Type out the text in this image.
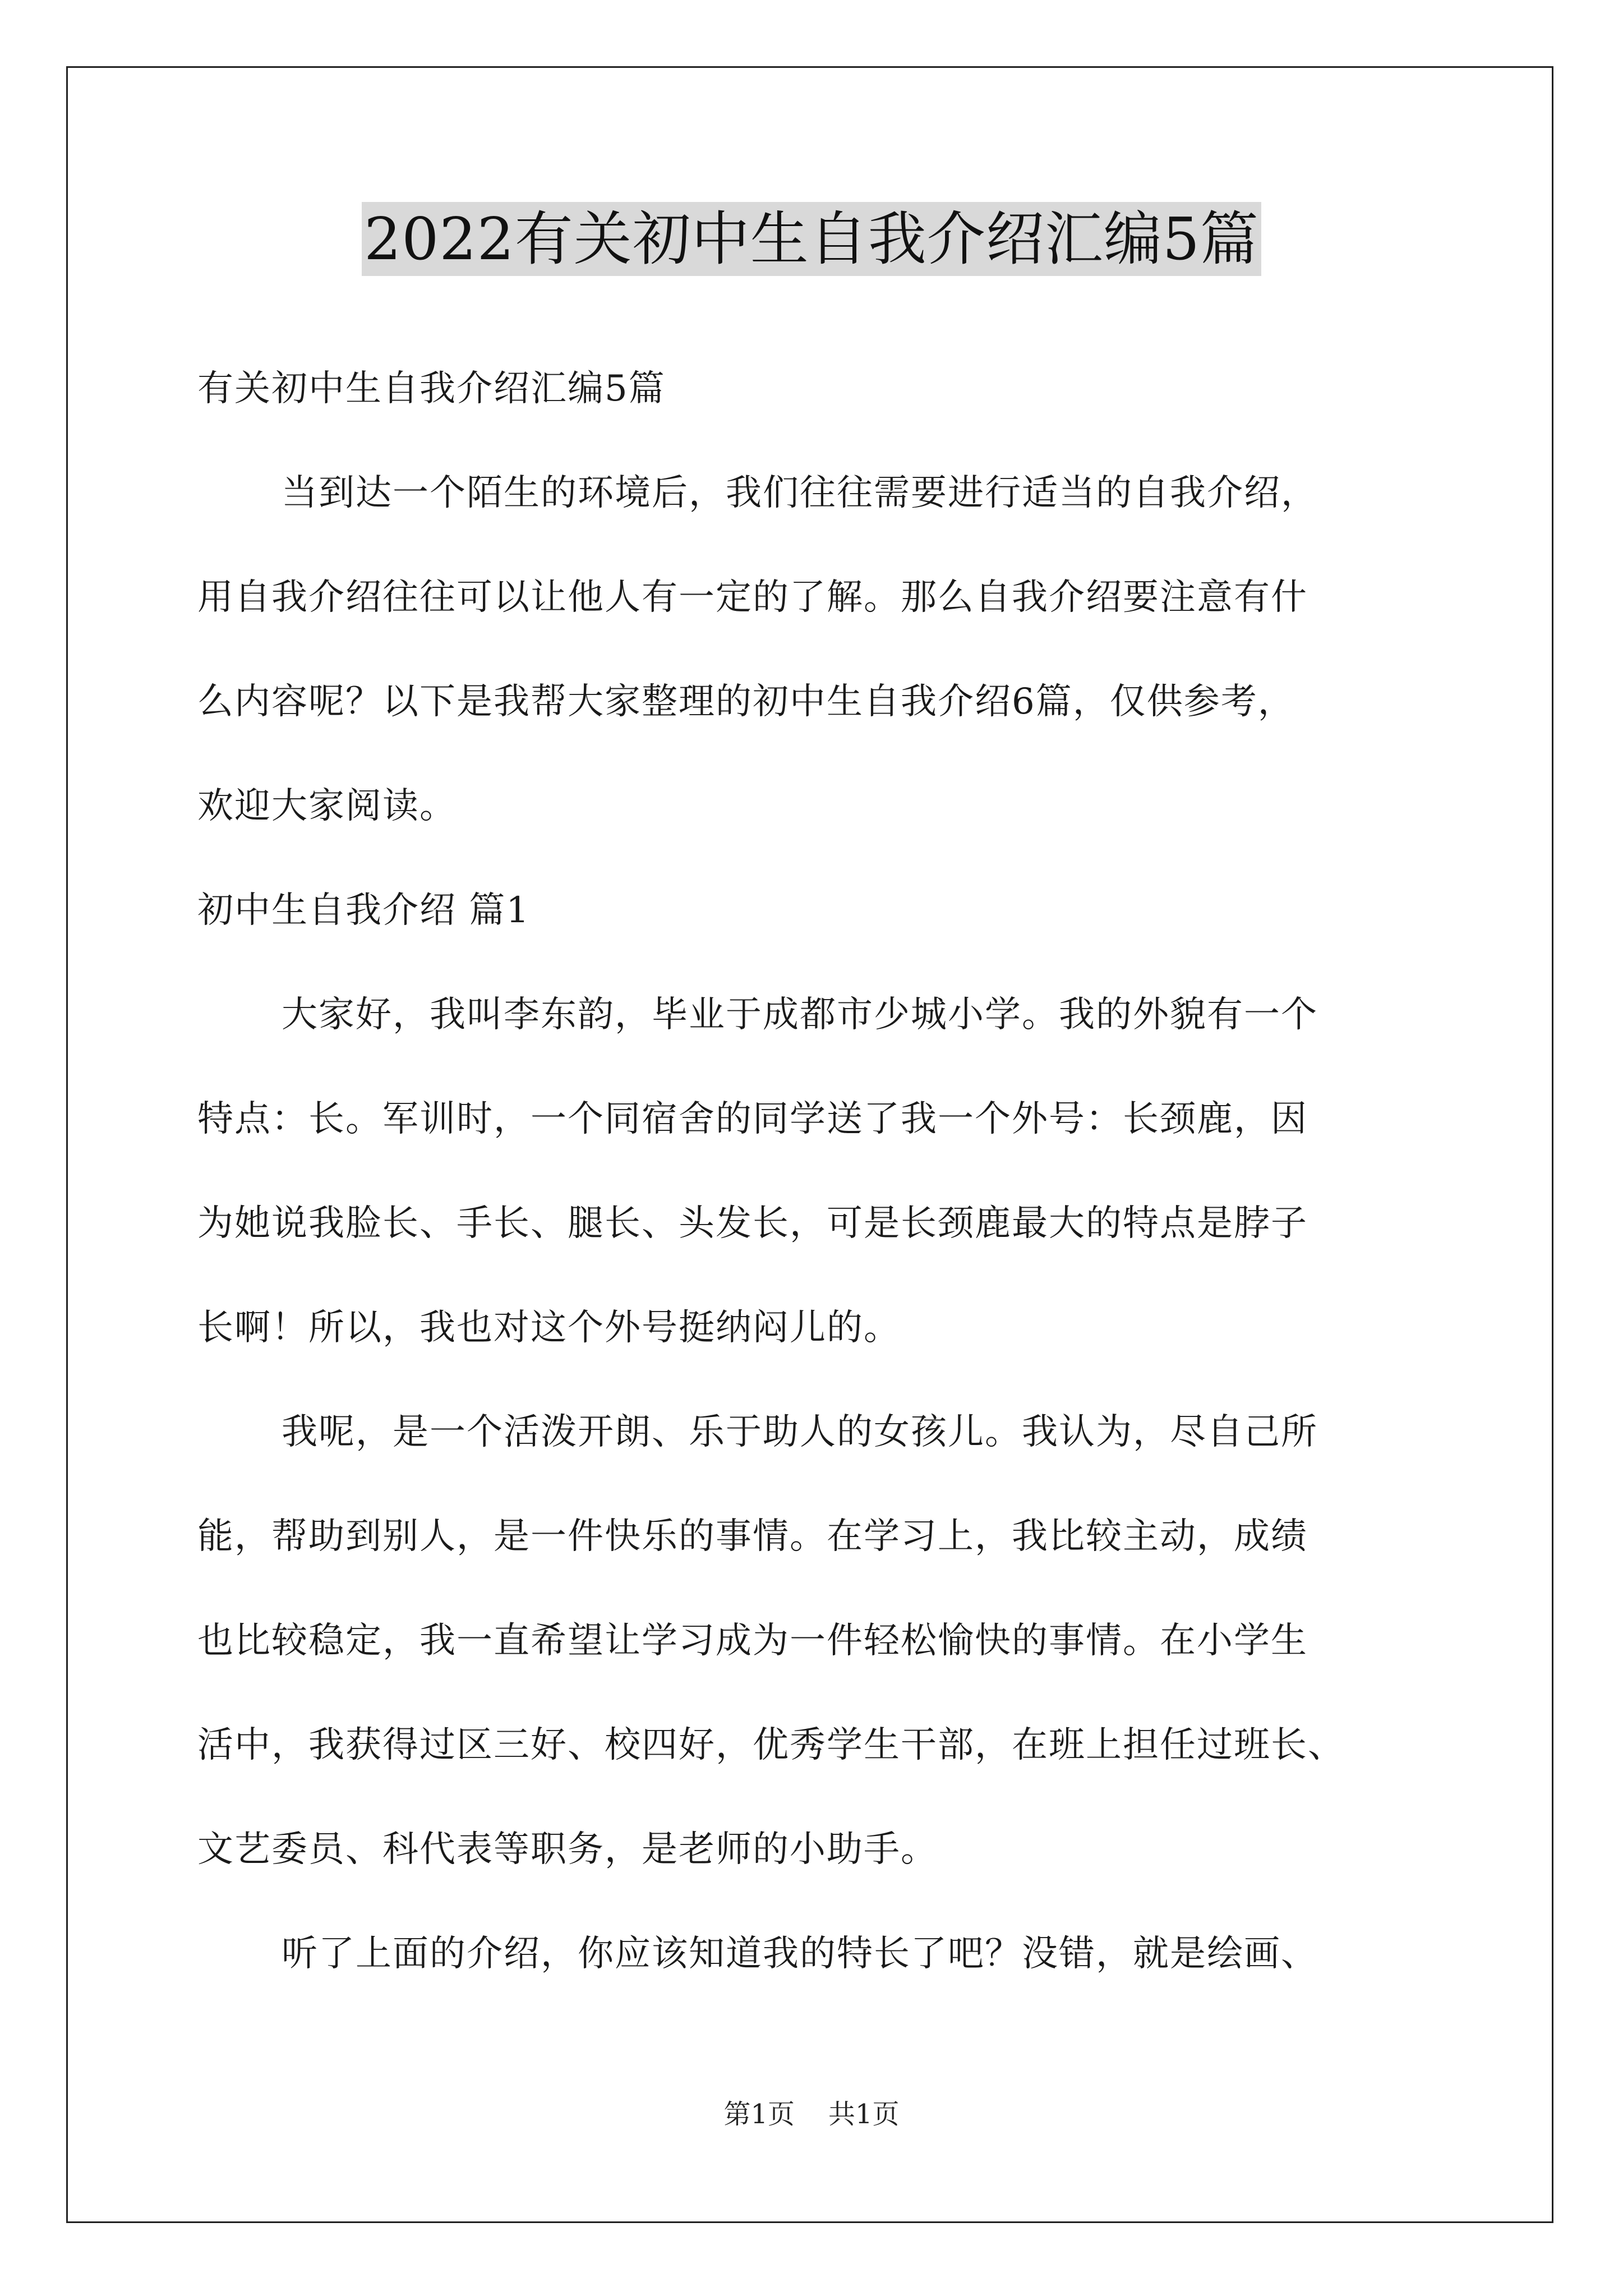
2022有关初中生自我介绍汇编5篇

有关初中生自我介绍汇编5篇

当到达一个陌生的环境后，我们往往需要进行适当的自我介绍，

用自我介绍往往可以让他人有一定的了解。那么自我介绍要注意有什

么内容呢？以下是我帮大家整理的初中生自我介绍6篇，仅供参考，

欢迎大家阅读。

初中生自我介绍 篇1

大家好，我叫李东韵，毕业于成都市少城小学。我的外貌有一个

特点：长。军训时，一个同宿舍的同学送了我一个外号：长颈鹿，因

为她说我脸长、手长、腿长、头发长，可是长颈鹿最大的特点是脖子

长啊！所以，我也对这个外号挺纳闷儿的。

我呢，是一个活泼开朗、乐于助人的女孩儿。我认为，尽自己所

能，帮助到别人，是一件快乐的事情。在学习上，我比较主动，成绩

也比较稳定，我一直希望让学习成为一件轻松愉快的事情。在小学生

活中，我获得过区三好、校四好，优秀学生干部，在班上担任过班长、

文艺委员、科代表等职务，是老师的小助手。

听了上面的介绍，你应该知道我的特长了吧？没错，就是绘画、

第1页 共1页
